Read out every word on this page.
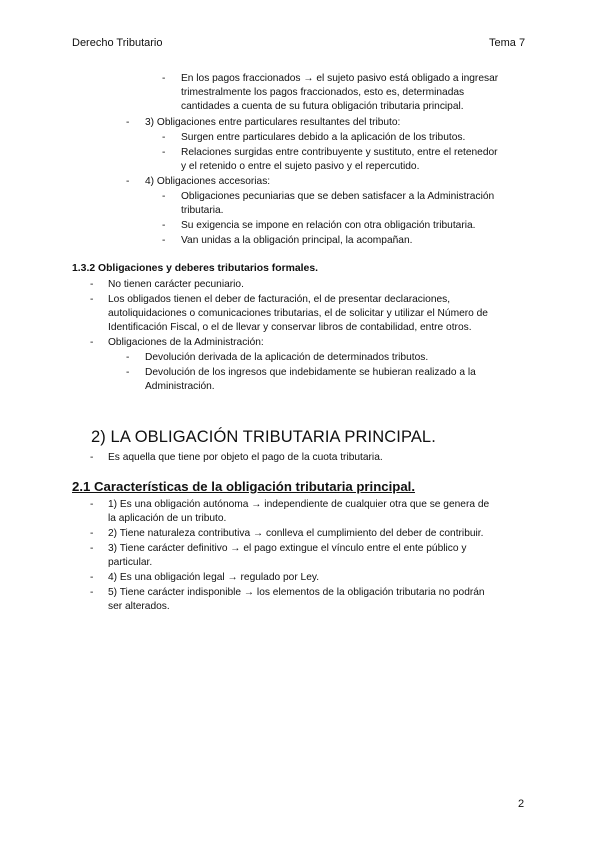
Derecho Tributario	Tema 7
- En los pagos fraccionados → el sujeto pasivo está obligado a ingresar
trimestralmente los pagos fraccionados, esto es, determinadas
cantidades a cuenta de su futura obligación tributaria principal.
- 3) Obligaciones entre particulares resultantes del tributo:
- Surgen entre particulares debido a la aplicación de los tributos.
- Relaciones surgidas entre contribuyente y sustituto, entre el retenedor
y el retenido o entre el sujeto pasivo y el repercutido.
- 4) Obligaciones accesorias:
- Obligaciones pecuniarias que se deben satisfacer a la Administración
tributaria.
- Su exigencia se impone en relación con otra obligación tributaria.
- Van unidas a la obligación principal, la acompañan.
1.3.2 Obligaciones y deberes tributarios formales.
- No tienen carácter pecuniario.
- Los obligados tienen el deber de facturación, el de presentar declaraciones,
autoliquidaciones o comunicaciones tributarias, el de solicitar y utilizar el Número de
Identificación Fiscal, o el de llevar y conservar libros de contabilidad, entre otros.
- Obligaciones de la Administración:
- Devolución derivada de la aplicación de determinados tributos.
- Devolución de los ingresos que indebidamente se hubieran realizado a la
Administración.
2) LA OBLIGACIÓN TRIBUTARIA PRINCIPAL.
- Es aquella que tiene por objeto el pago de la cuota tributaria.
2.1 Características de la obligación tributaria principal.
- 1) Es una obligación autónoma → independiente de cualquier otra que se genera de
la aplicación de un tributo.
- 2) Tiene naturaleza contributiva → conlleva el cumplimiento del deber de contribuir.
- 3) Tiene carácter definitivo → el pago extingue el vínculo entre el ente público y
particular.
- 4) Es una obligación legal → regulado por Ley.
- 5) Tiene carácter indisponible → los elementos de la obligación tributaria no podrán
ser alterados.
2
